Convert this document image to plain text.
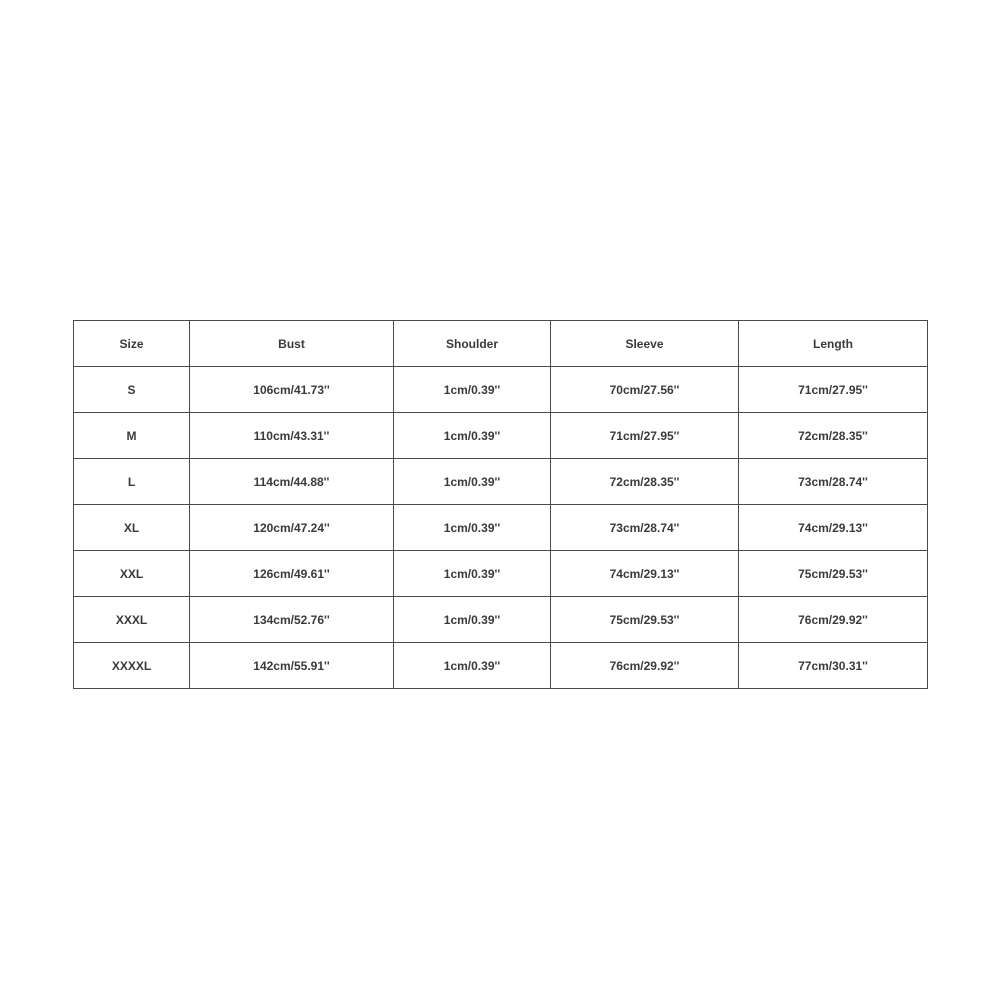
Size	Bust	Shoulder	Sleeve	Length
S	106cm/41.73''	1cm/0.39''	70cm/27.56''	71cm/27.95''
M	110cm/43.31''	1cm/0.39''	71cm/27.95''	72cm/28.35''
L	114cm/44.88''	1cm/0.39''	72cm/28.35''	73cm/28.74''
XL	120cm/47.24''	1cm/0.39''	73cm/28.74''	74cm/29.13''
XXL	126cm/49.61''	1cm/0.39''	74cm/29.13''	75cm/29.53''
XXXL	134cm/52.76''	1cm/0.39''	75cm/29.53''	76cm/29.92''
XXXXL	142cm/55.91''	1cm/0.39''	76cm/29.92''	77cm/30.31''
